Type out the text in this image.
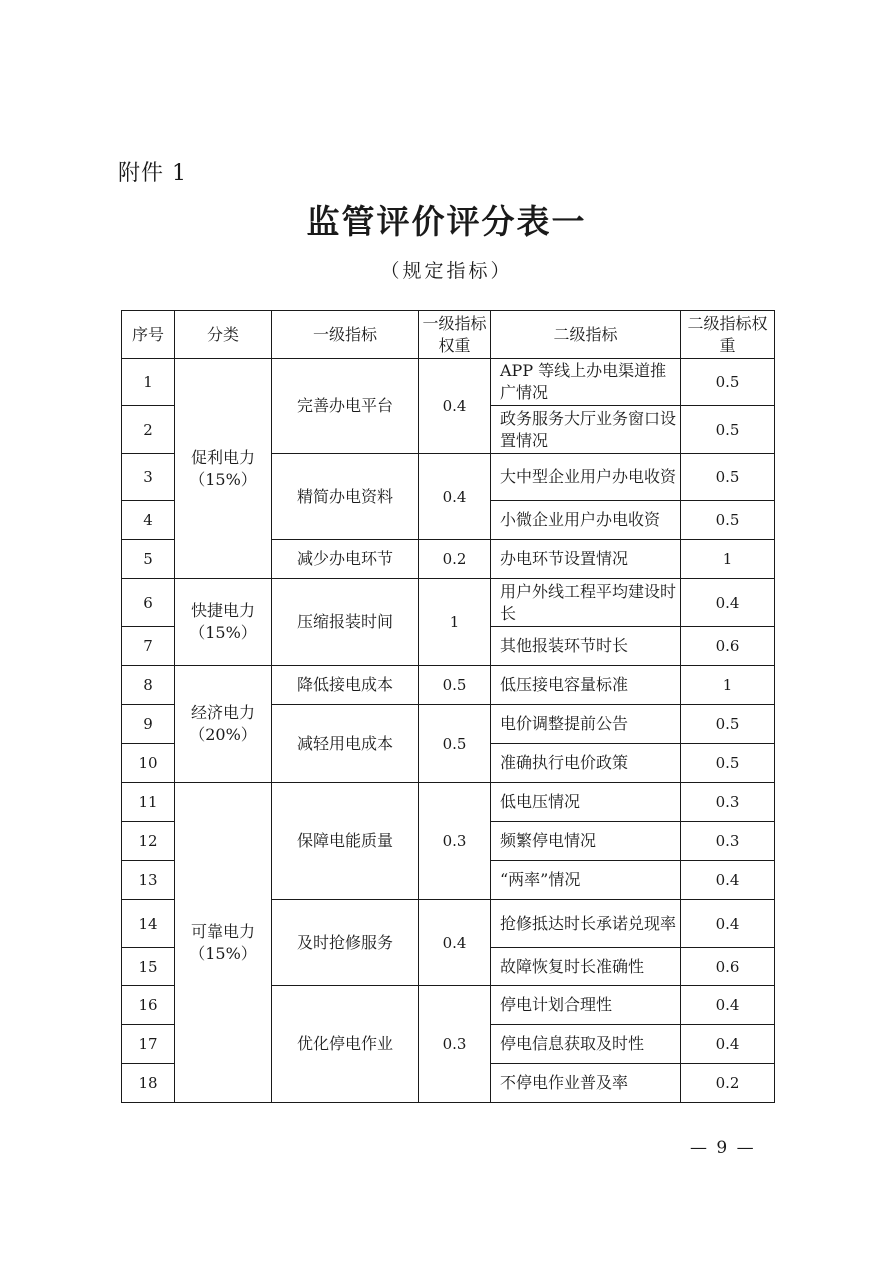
附件 1
监管评价评分表一
（规定指标）
序号	分类	一级指标	一级指标权重	二级指标	二级指标权重
1	促利电力（15%）	完善办电平台	0.4	APP 等线上办电渠道推广情况	0.5
2				政务服务大厅业务窗口设置情况	0.5
3		精简办电资料	0.4	大中型企业用户办电收资	0.5
4				小微企业用户办电收资	0.5
5		减少办电环节	0.2	办电环节设置情况	1
6	快捷电力（15%）	压缩报装时间	1	用户外线工程平均建设时长	0.4
7				其他报装环节时长	0.6
8	经济电力（20%）	降低接电成本	0.5	低压接电容量标准	1
9		减轻用电成本	0.5	电价调整提前公告	0.5
10				准确执行电价政策	0.5
11	可靠电力（15%）	保障电能质量	0.3	低电压情况	0.3
12				频繁停电情况	0.3
13				“两率”情况	0.4
14		及时抢修服务	0.4	抢修抵达时长承诺兑现率	0.4
15				故障恢复时长准确性	0.6
16		优化停电作业	0.3	停电计划合理性	0.4
17				停电信息获取及时性	0.4
18				不停电作业普及率	0.2
— 9 —
